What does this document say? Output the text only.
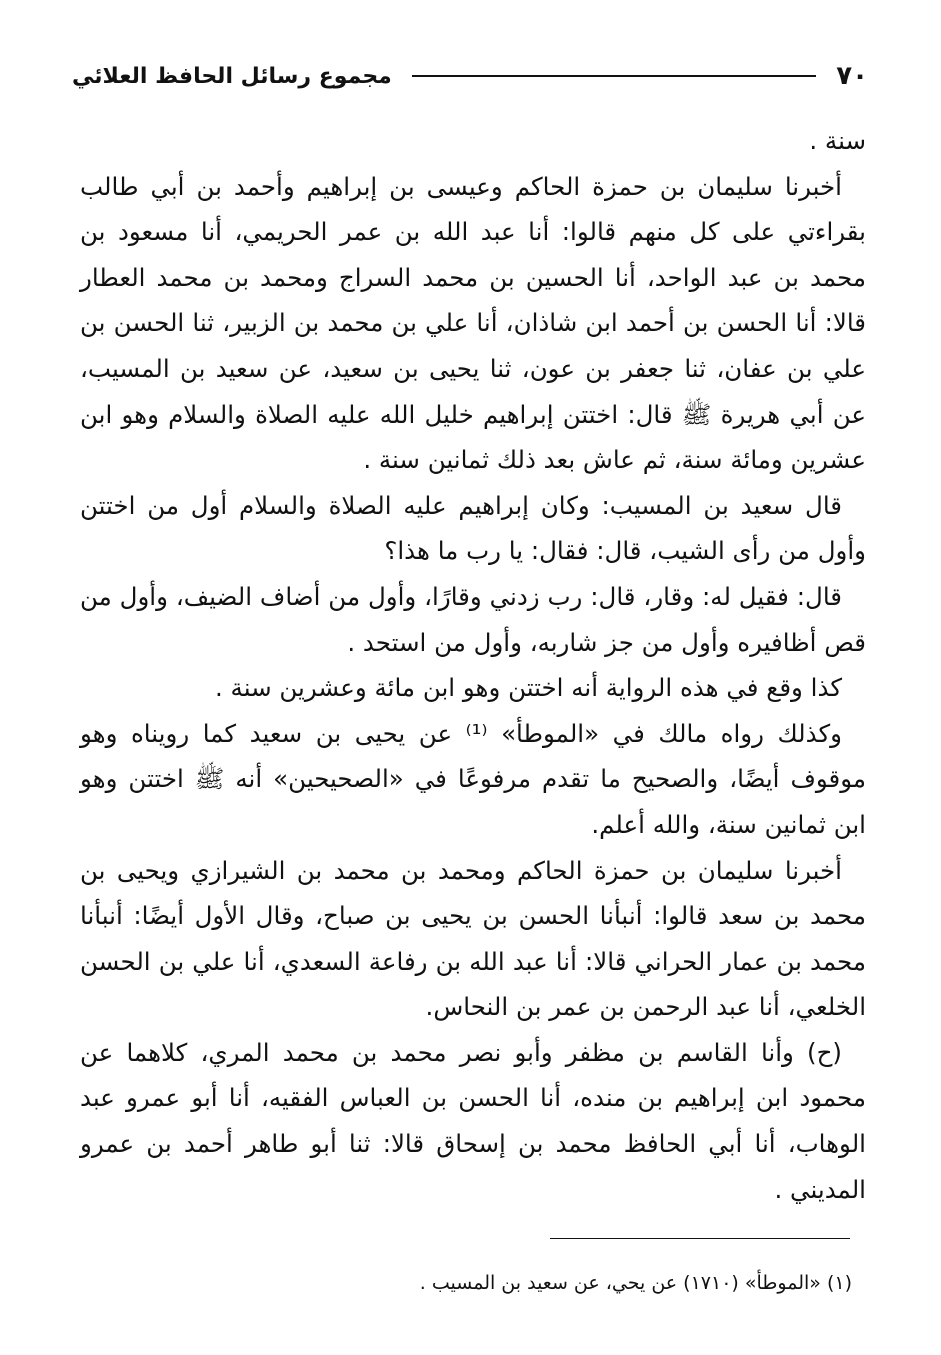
٧٠
مجموع رسائل الحافظ العلائي

سنة .

أخبرنا سليمان بن حمزة الحاكم وعيسى بن إبراهيم وأحمد بن أبي طالب بقراءتي على كل منهم قالوا: أنا عبد الله بن عمر الحريمي، أنا مسعود بن محمد بن عبد الواحد، أنا الحسين بن محمد السراج ومحمد بن محمد العطار قالا: أنا الحسن بن أحمد ابن شاذان، أنا علي بن محمد بن الزبير، ثنا الحسن بن علي بن عفان، ثنا جعفر بن عون، ثنا يحيى بن سعيد، عن سعيد بن المسيب، عن أبي هريرة ﷺ قال: اختتن إبراهيم خليل الله عليه الصلاة والسلام وهو ابن عشرين ومائة سنة، ثم عاش بعد ذلك ثمانين سنة .

قال سعيد بن المسيب: وكان إبراهيم عليه الصلاة والسلام أول من اختتن وأول من رأى الشيب، قال: فقال: يا رب ما هذا؟

قال: فقيل له: وقار، قال: رب زدني وقارًا، وأول من أضاف الضيف، وأول من قص أظافيره وأول من جز شاربه، وأول من استحد .

كذا وقع في هذه الرواية أنه اختتن وهو ابن مائة وعشرين سنة .

وكذلك رواه مالك في «الموطأ» ⁽¹⁾ عن يحيى بن سعيد كما رويناه وهو موقوف أيضًا، والصحيح ما تقدم مرفوعًا في «الصحيحين» أنه ﷺ اختتن وهو ابن ثمانين سنة، والله أعلم.

أخبرنا سليمان بن حمزة الحاكم ومحمد بن محمد بن الشيرازي ويحيى بن محمد بن سعد قالوا: أنبأنا الحسن بن يحيى بن صباح، وقال الأول أيضًا: أنبأنا محمد بن عمار الحراني قالا: أنا عبد الله بن رفاعة السعدي، أنا علي بن الحسن الخلعي، أنا عبد الرحمن بن عمر بن النحاس.

(ح) وأنا القاسم بن مظفر وأبو نصر محمد بن محمد المري، كلاهما عن محمود ابن إبراهيم بن منده، أنا الحسن بن العباس الفقيه، أنا أبو عمرو عبد الوهاب، أنا أبي الحافظ محمد بن إسحاق قالا: ثنا أبو طاهر أحمد بن عمرو المديني .

(١) «الموطأ» (١٧١٠) عن يحي، عن سعيد بن المسيب .
